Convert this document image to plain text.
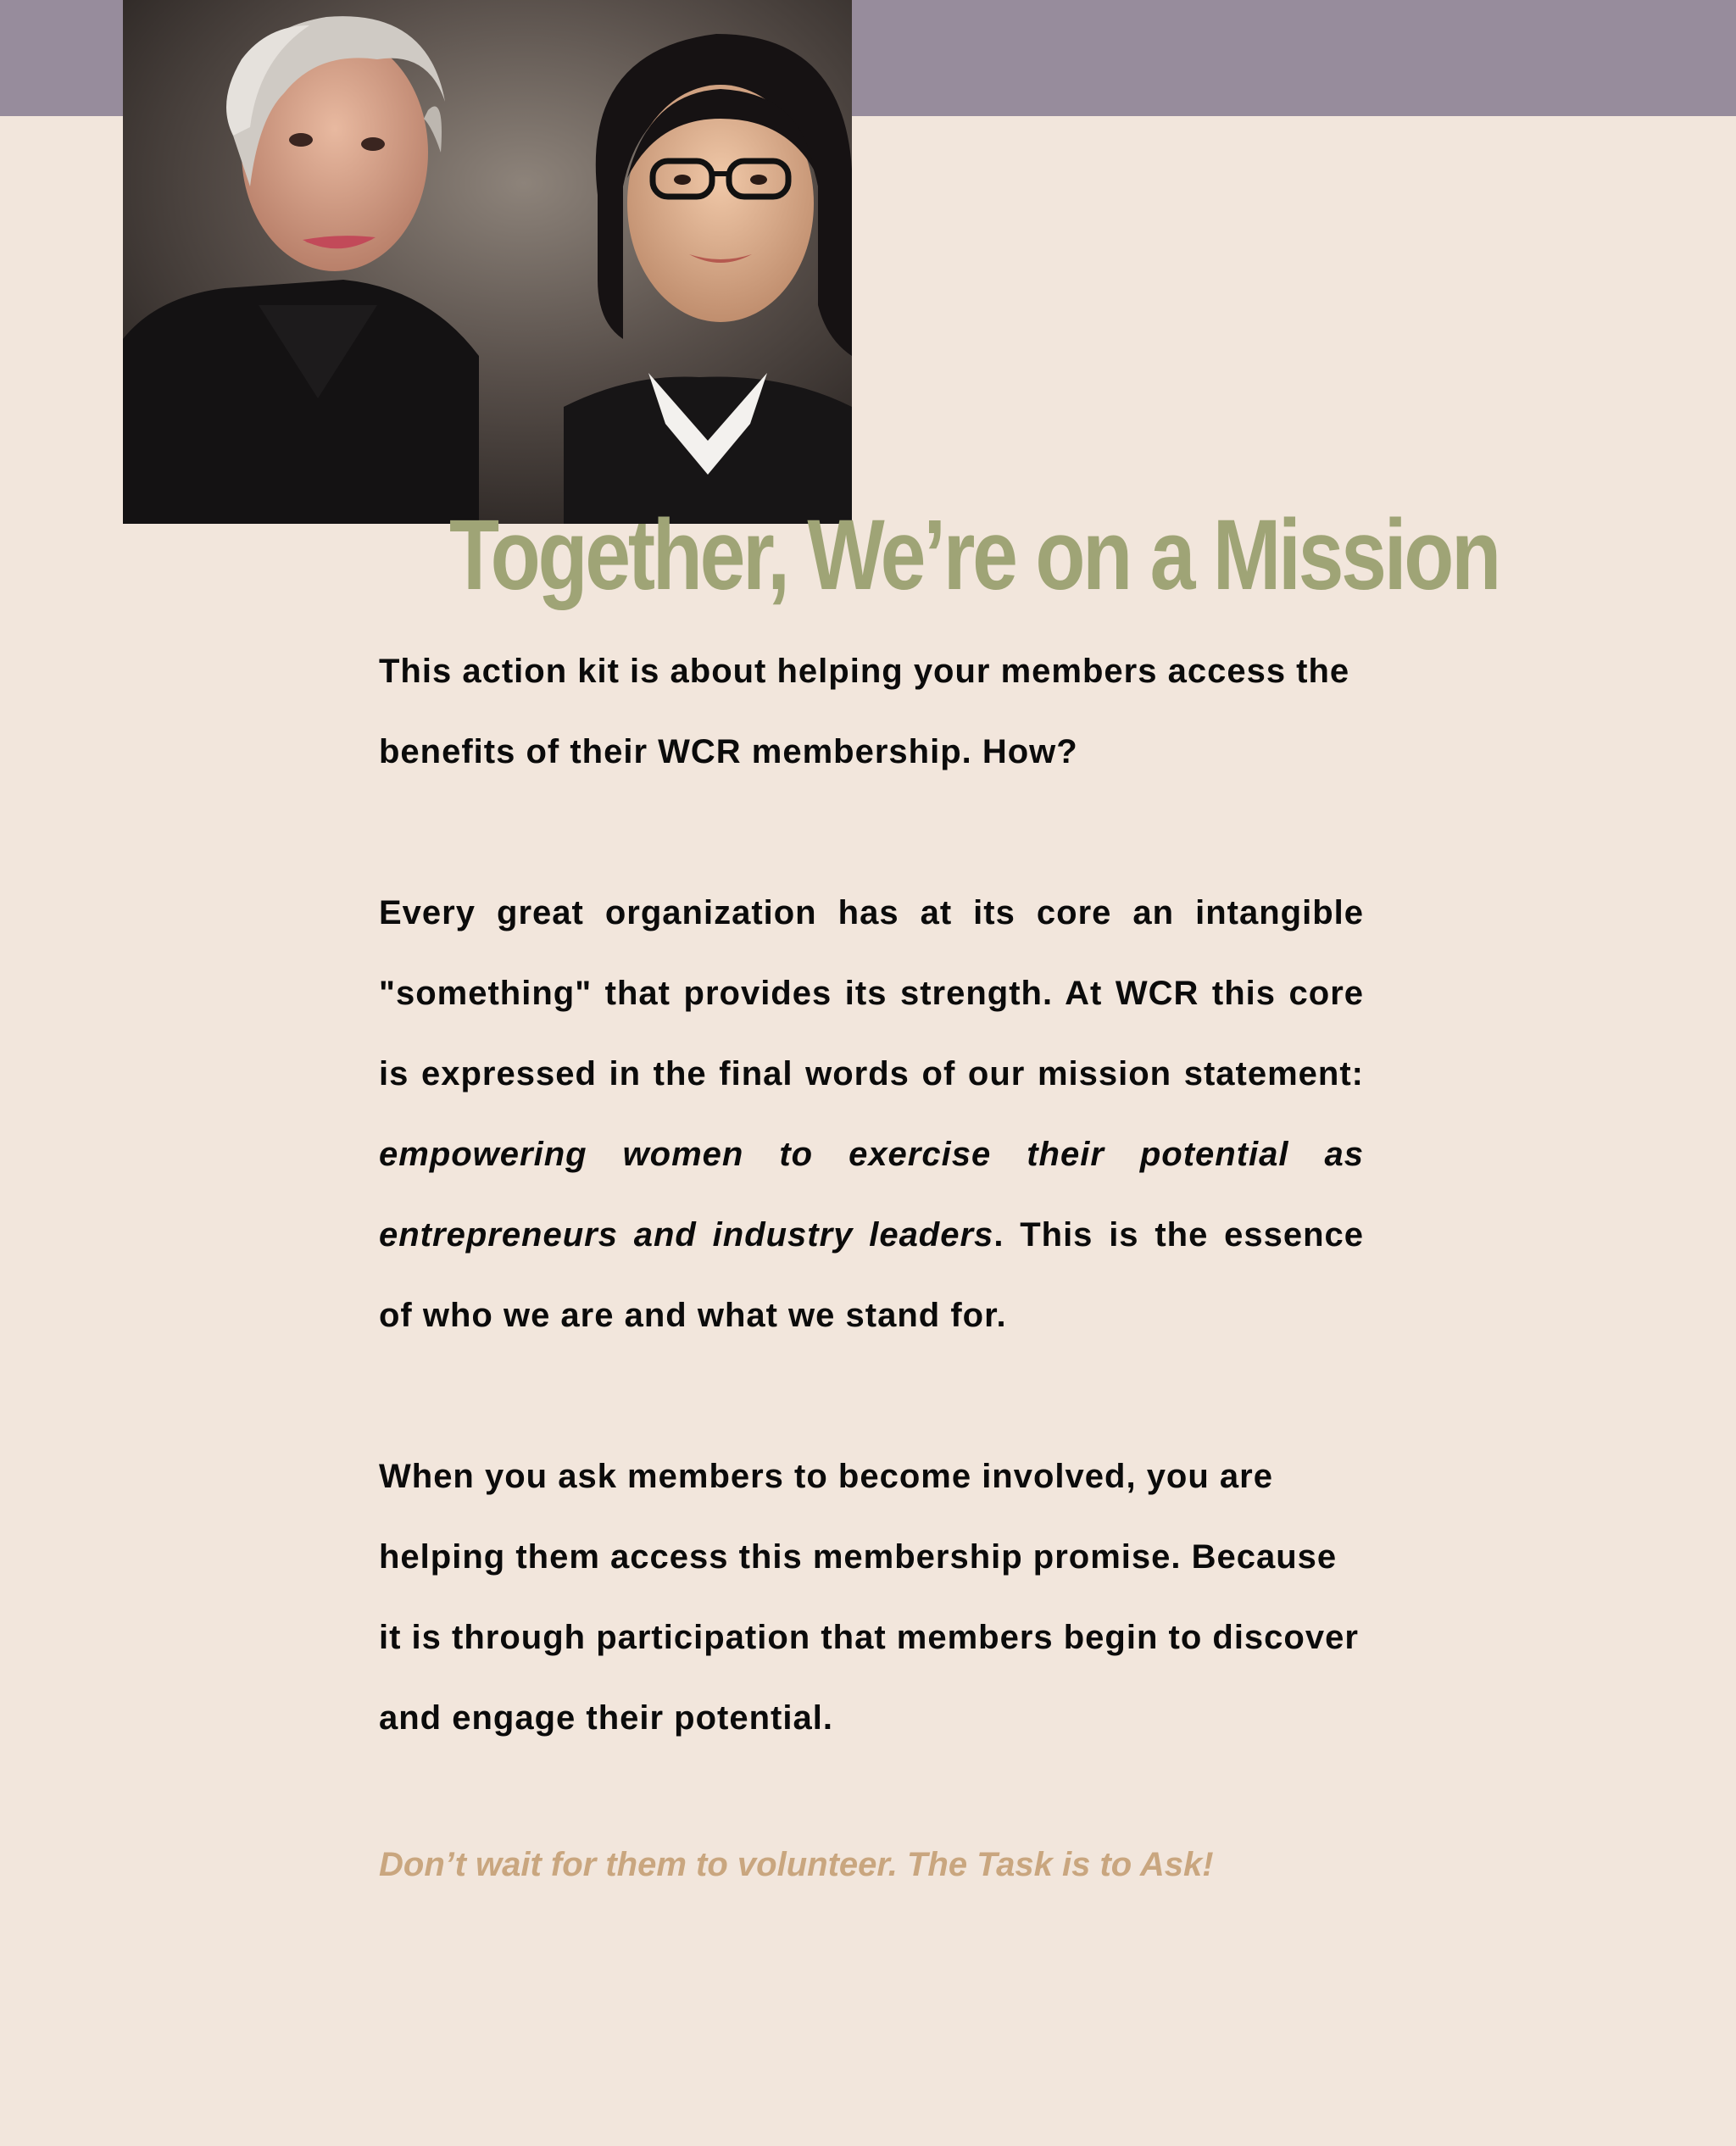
Together, We’re on a Mission

This action kit is about helping your members access the benefits of their WCR membership. How?

Every great organization has at its core an intangible "something" that provides its strength. At WCR this core is expressed in the final words of our mission statement: empowering women to exercise their potential as entrepreneurs and industry leaders. This is the essence of who we are and what we stand for.

When you ask members to become involved, you are helping them access this membership promise. Because it is through participation that members begin to discover and engage their potential.

Don’t wait for them to volunteer. The Task is to Ask!
